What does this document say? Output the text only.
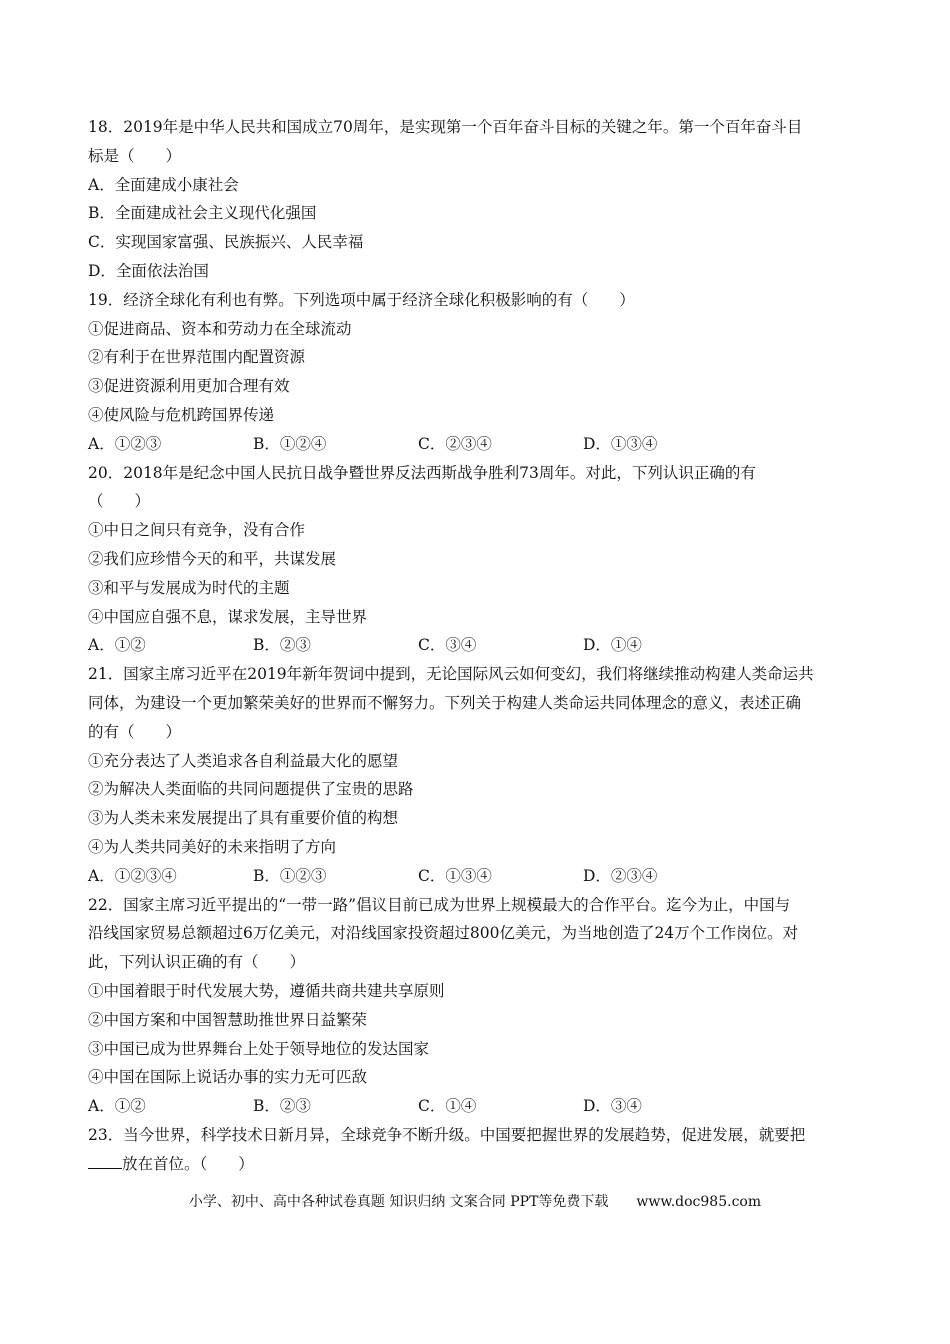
18．2019年是中华人民共和国成立70周年，是实现第一个百年奋斗目标的关键之年。第一个百年奋斗目
标是（　　）
A．全面建成小康社会
B．全面建成社会主义现代化强国
C．实现国家富强、民族振兴、人民幸福
D．全面依法治国
19．经济全球化有利也有弊。下列选项中属于经济全球化积极影响的有（　　）
①促进商品、资本和劳动力在全球流动
②有利于在世界范围内配置资源
③促进资源利用更加合理有效
④使风险与危机跨国界传递
A．①②③	B．①②④	C．②③④	D．①③④
20．2018年是纪念中国人民抗日战争暨世界反法西斯战争胜利73周年。对此，下列认识正确的有
（　　）
①中日之间只有竞争，没有合作
②我们应珍惜今天的和平，共谋发展
③和平与发展成为时代的主题
④中国应自强不息，谋求发展，主导世界
A．①②	B．②③	C．③④	D．①④
21．国家主席习近平在2019年新年贺词中提到，无论国际风云如何变幻，我们将继续推动构建人类命运共
同体，为建设一个更加繁荣美好的世界而不懈努力。下列关于构建人类命运共同体理念的意义，表述正确
的有（　　）
①充分表达了人类追求各自利益最大化的愿望
②为解决人类面临的共同问题提供了宝贵的思路
③为人类未来发展提出了具有重要价值的构想
④为人类共同美好的未来指明了方向
A．①②③④	B．①②③	C．①③④	D．②③④
22．国家主席习近平提出的“一带一路”倡议目前已成为世界上规模最大的合作平台。迄今为止，中国与
沿线国家贸易总额超过6万亿美元，对沿线国家投资超过800亿美元，为当地创造了24万个工作岗位。对
此，下列认识正确的有（　　）
①中国着眼于时代发展大势，遵循共商共建共享原则
②中国方案和中国智慧助推世界日益繁荣
③中国已成为世界舞台上处于领导地位的发达国家
④中国在国际上说话办事的实力无可匹敌
A．①②	B．②③	C．①④	D．③④
23．当今世界，科学技术日新月异，全球竞争不断升级。中国要把握世界的发展趋势，促进发展，就要把
放在首位。（　　）
小学、初中、高中各种试卷真题 知识归纳 文案合同 PPT等免费下载 www.doc985.com
